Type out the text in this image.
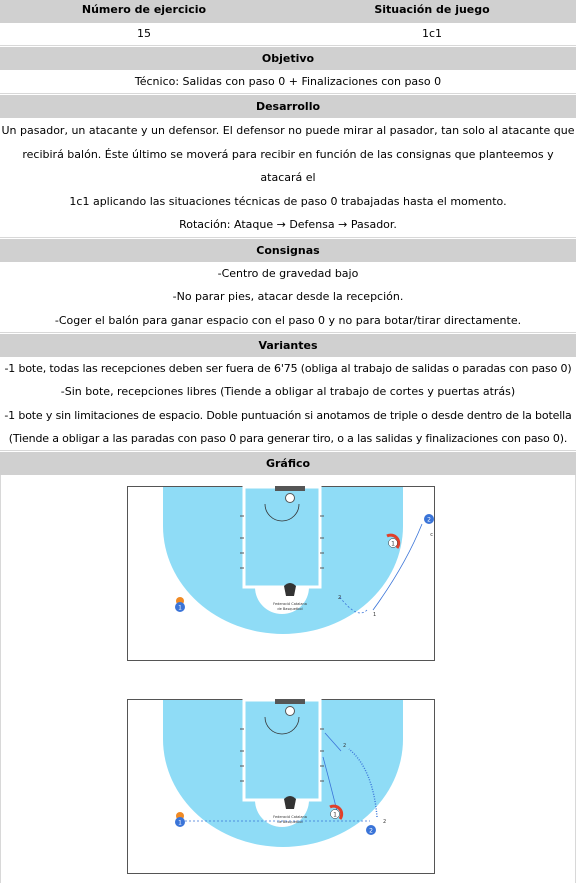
Número de ejercicio	Situación de juego
15	1c1
Objetivo
Técnico: Salidas con paso 0 + Finalizaciones con paso 0
Desarrollo
Un pasador, un atacante y un defensor. El defensor no puede mirar al pasador, tan solo al atacante que
recibirá balón. Éste último se moverá para recibir en función de las consignas que planteemos y atacará el
1c1 aplicando las situaciones técnicas de paso 0 trabajadas hasta el momento.
Rotación: Ataque → Defensa → Pasador.
Consignas
-Centro de gravedad bajo
-No parar pies, atacar desde la recepción.
-Coger el balón para ganar espacio con el paso 0 y no para botar/tirar directamente.
Variantes
-1 bote, todas las recepciones deben ser fuera de 6'75 (obliga al trabajo de salidas o paradas con paso 0)
-Sin bote, recepciones libres (Tiende a obligar al trabajo de cortes y puertas atrás)
-1 bote y sin limitaciones de espacio. Doble puntuación si anotamos de triple o desde dentro de la botella
(Tiende a obligar a las paradas con paso 0 para generar tiro, o a las salidas y finalizaciones con paso 0).
Gráfico
Federació Catalana
de Basquetbol
1
2
c
1
2
1
Federació Catalana
de Basquetbol
2
2
1
2
1
